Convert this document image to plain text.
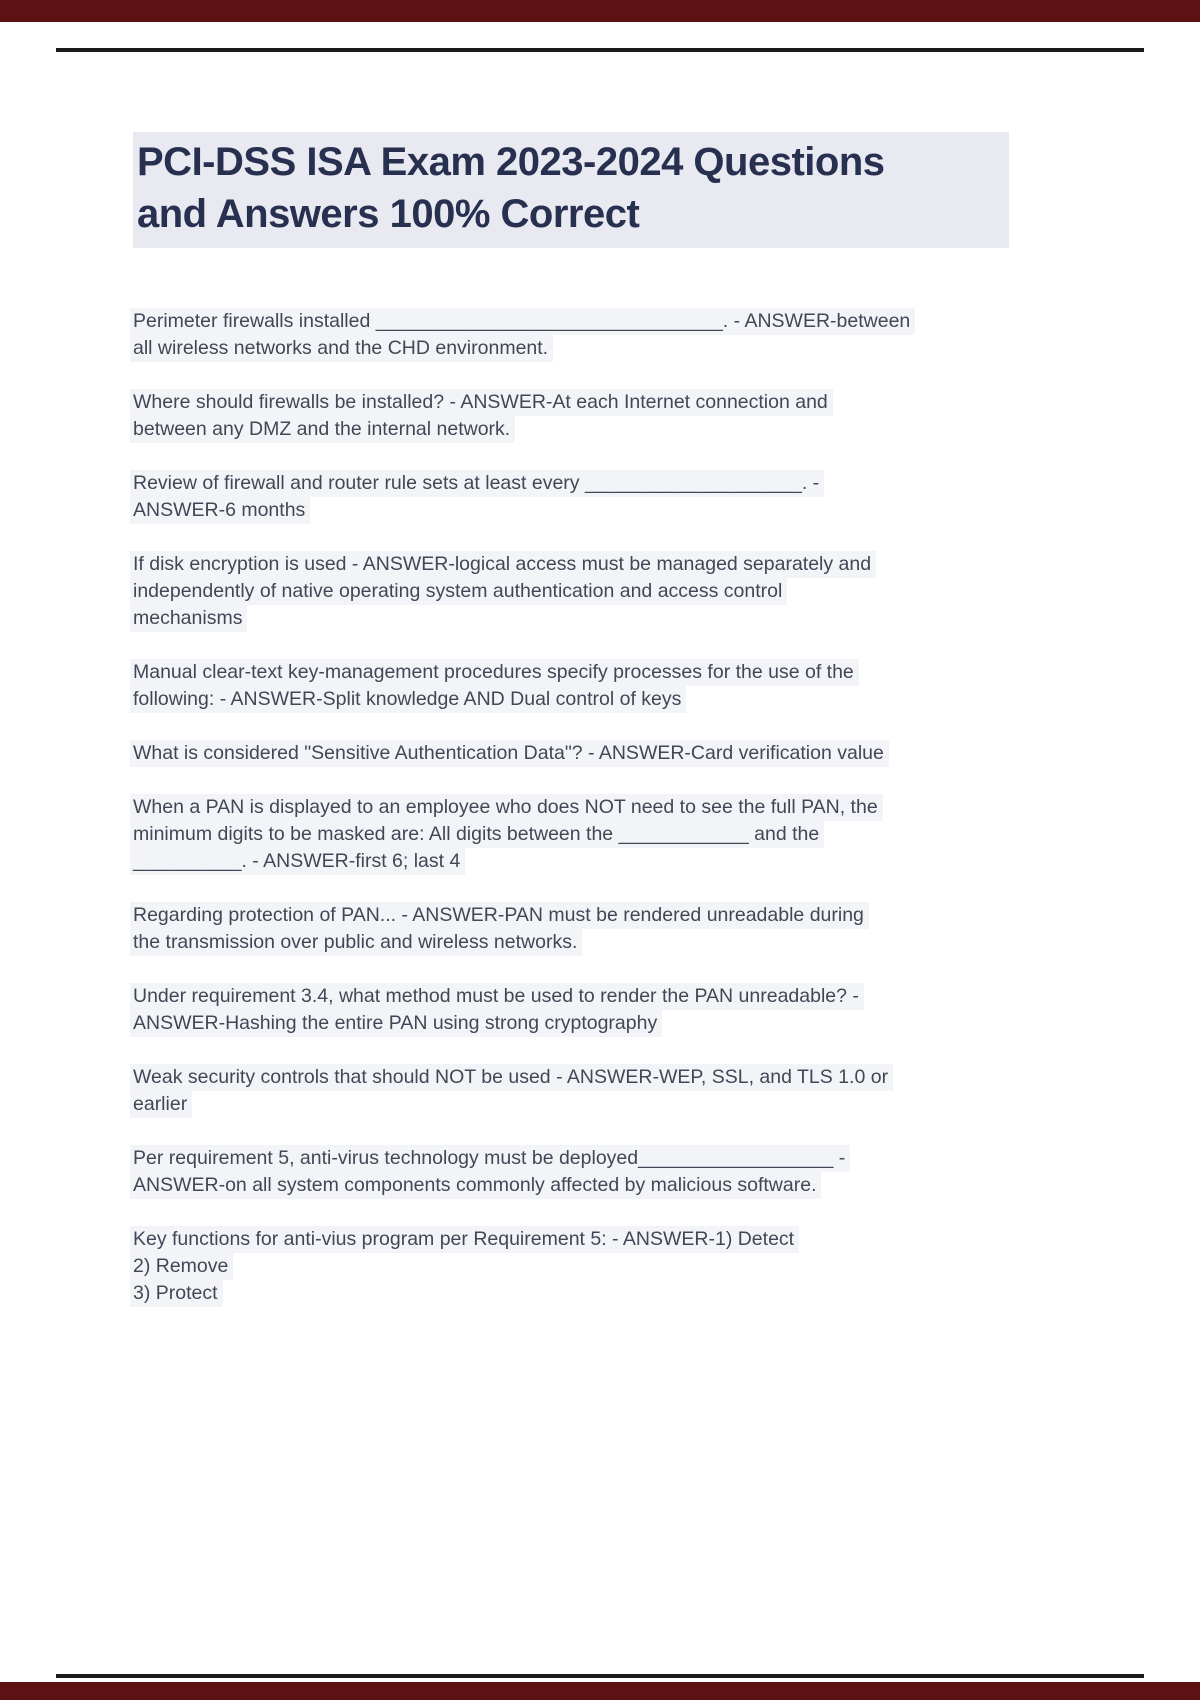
PCI-DSS ISA Exam 2023-2024 Questions
and Answers 100% Correct

Perimeter firewalls installed ________________________________. - ANSWER-between
all wireless networks and the CHD environment.

Where should firewalls be installed? - ANSWER-At each Internet connection and
between any DMZ and the internal network.

Review of firewall and router rule sets at least every ____________________. -
ANSWER-6 months

If disk encryption is used - ANSWER-logical access must be managed separately and
independently of native operating system authentication and access control
mechanisms

Manual clear-text key-management procedures specify processes for the use of the
following: - ANSWER-Split knowledge AND Dual control of keys

What is considered "Sensitive Authentication Data"? - ANSWER-Card verification value

When a PAN is displayed to an employee who does NOT need to see the full PAN, the
minimum digits to be masked are: All digits between the ____________ and the
__________. - ANSWER-first 6; last 4

Regarding protection of PAN... - ANSWER-PAN must be rendered unreadable during
the transmission over public and wireless networks.

Under requirement 3.4, what method must be used to render the PAN unreadable? -
ANSWER-Hashing the entire PAN using strong cryptography

Weak security controls that should NOT be used - ANSWER-WEP, SSL, and TLS 1.0 or
earlier

Per requirement 5, anti-virus technology must be deployed__________________ -
ANSWER-on all system components commonly affected by malicious software.

Key functions for anti-vius program per Requirement 5: - ANSWER-1) Detect
2) Remove
3) Protect
